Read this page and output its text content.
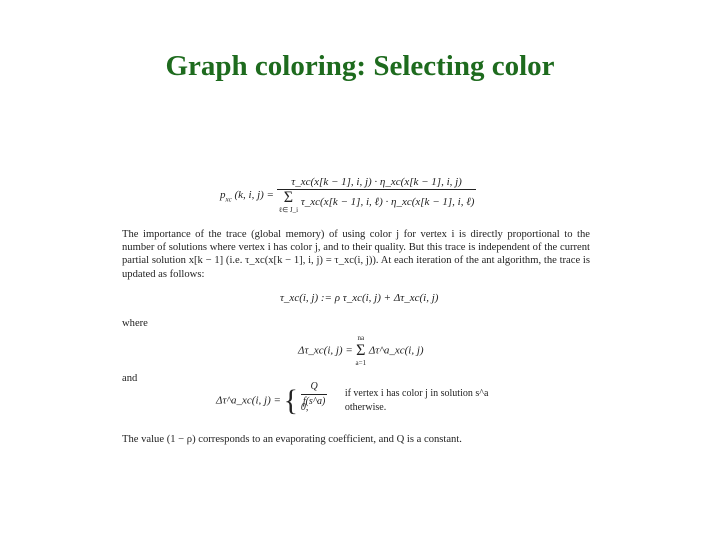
Graph coloring: Selecting color
$p_{xc}$ (k, i, j) = τ_xc(x[k − 1], i, j) · η_xc(x[k − 1], i, j)
Σ
ℓ∈ J_i
τ_xc(x[k − 1], i, ℓ) · η_xc(x[k − 1], i, ℓ)
The importance of the trace (global memory) of using color j for vertex i is directly proportional to the number of solutions where vertex i has color j, and to their quality. But this trace is independent of the current partial solution x[k − 1] (i.e. τ_xc(x[k − 1], i, j) = τ_xc(i, j)). At each iteration of the ant algorithm, the trace is updated as follows:
τ_xc(i, j) := ρ τ_xc(i, j) + Δτ_xc(i, j)
where
Δτ_xc(i, j) =
na
Σ
a=1
Δτ^a_xc(i, j)
and
Δτ^a_xc(i, j) = { $\frac{Q}{f(s\^{}a)}$ if vertex i has color j in solution s^a
0,	otherwise.
The value (1 − ρ) corresponds to an evaporating coefficient, and Q is a constant.
